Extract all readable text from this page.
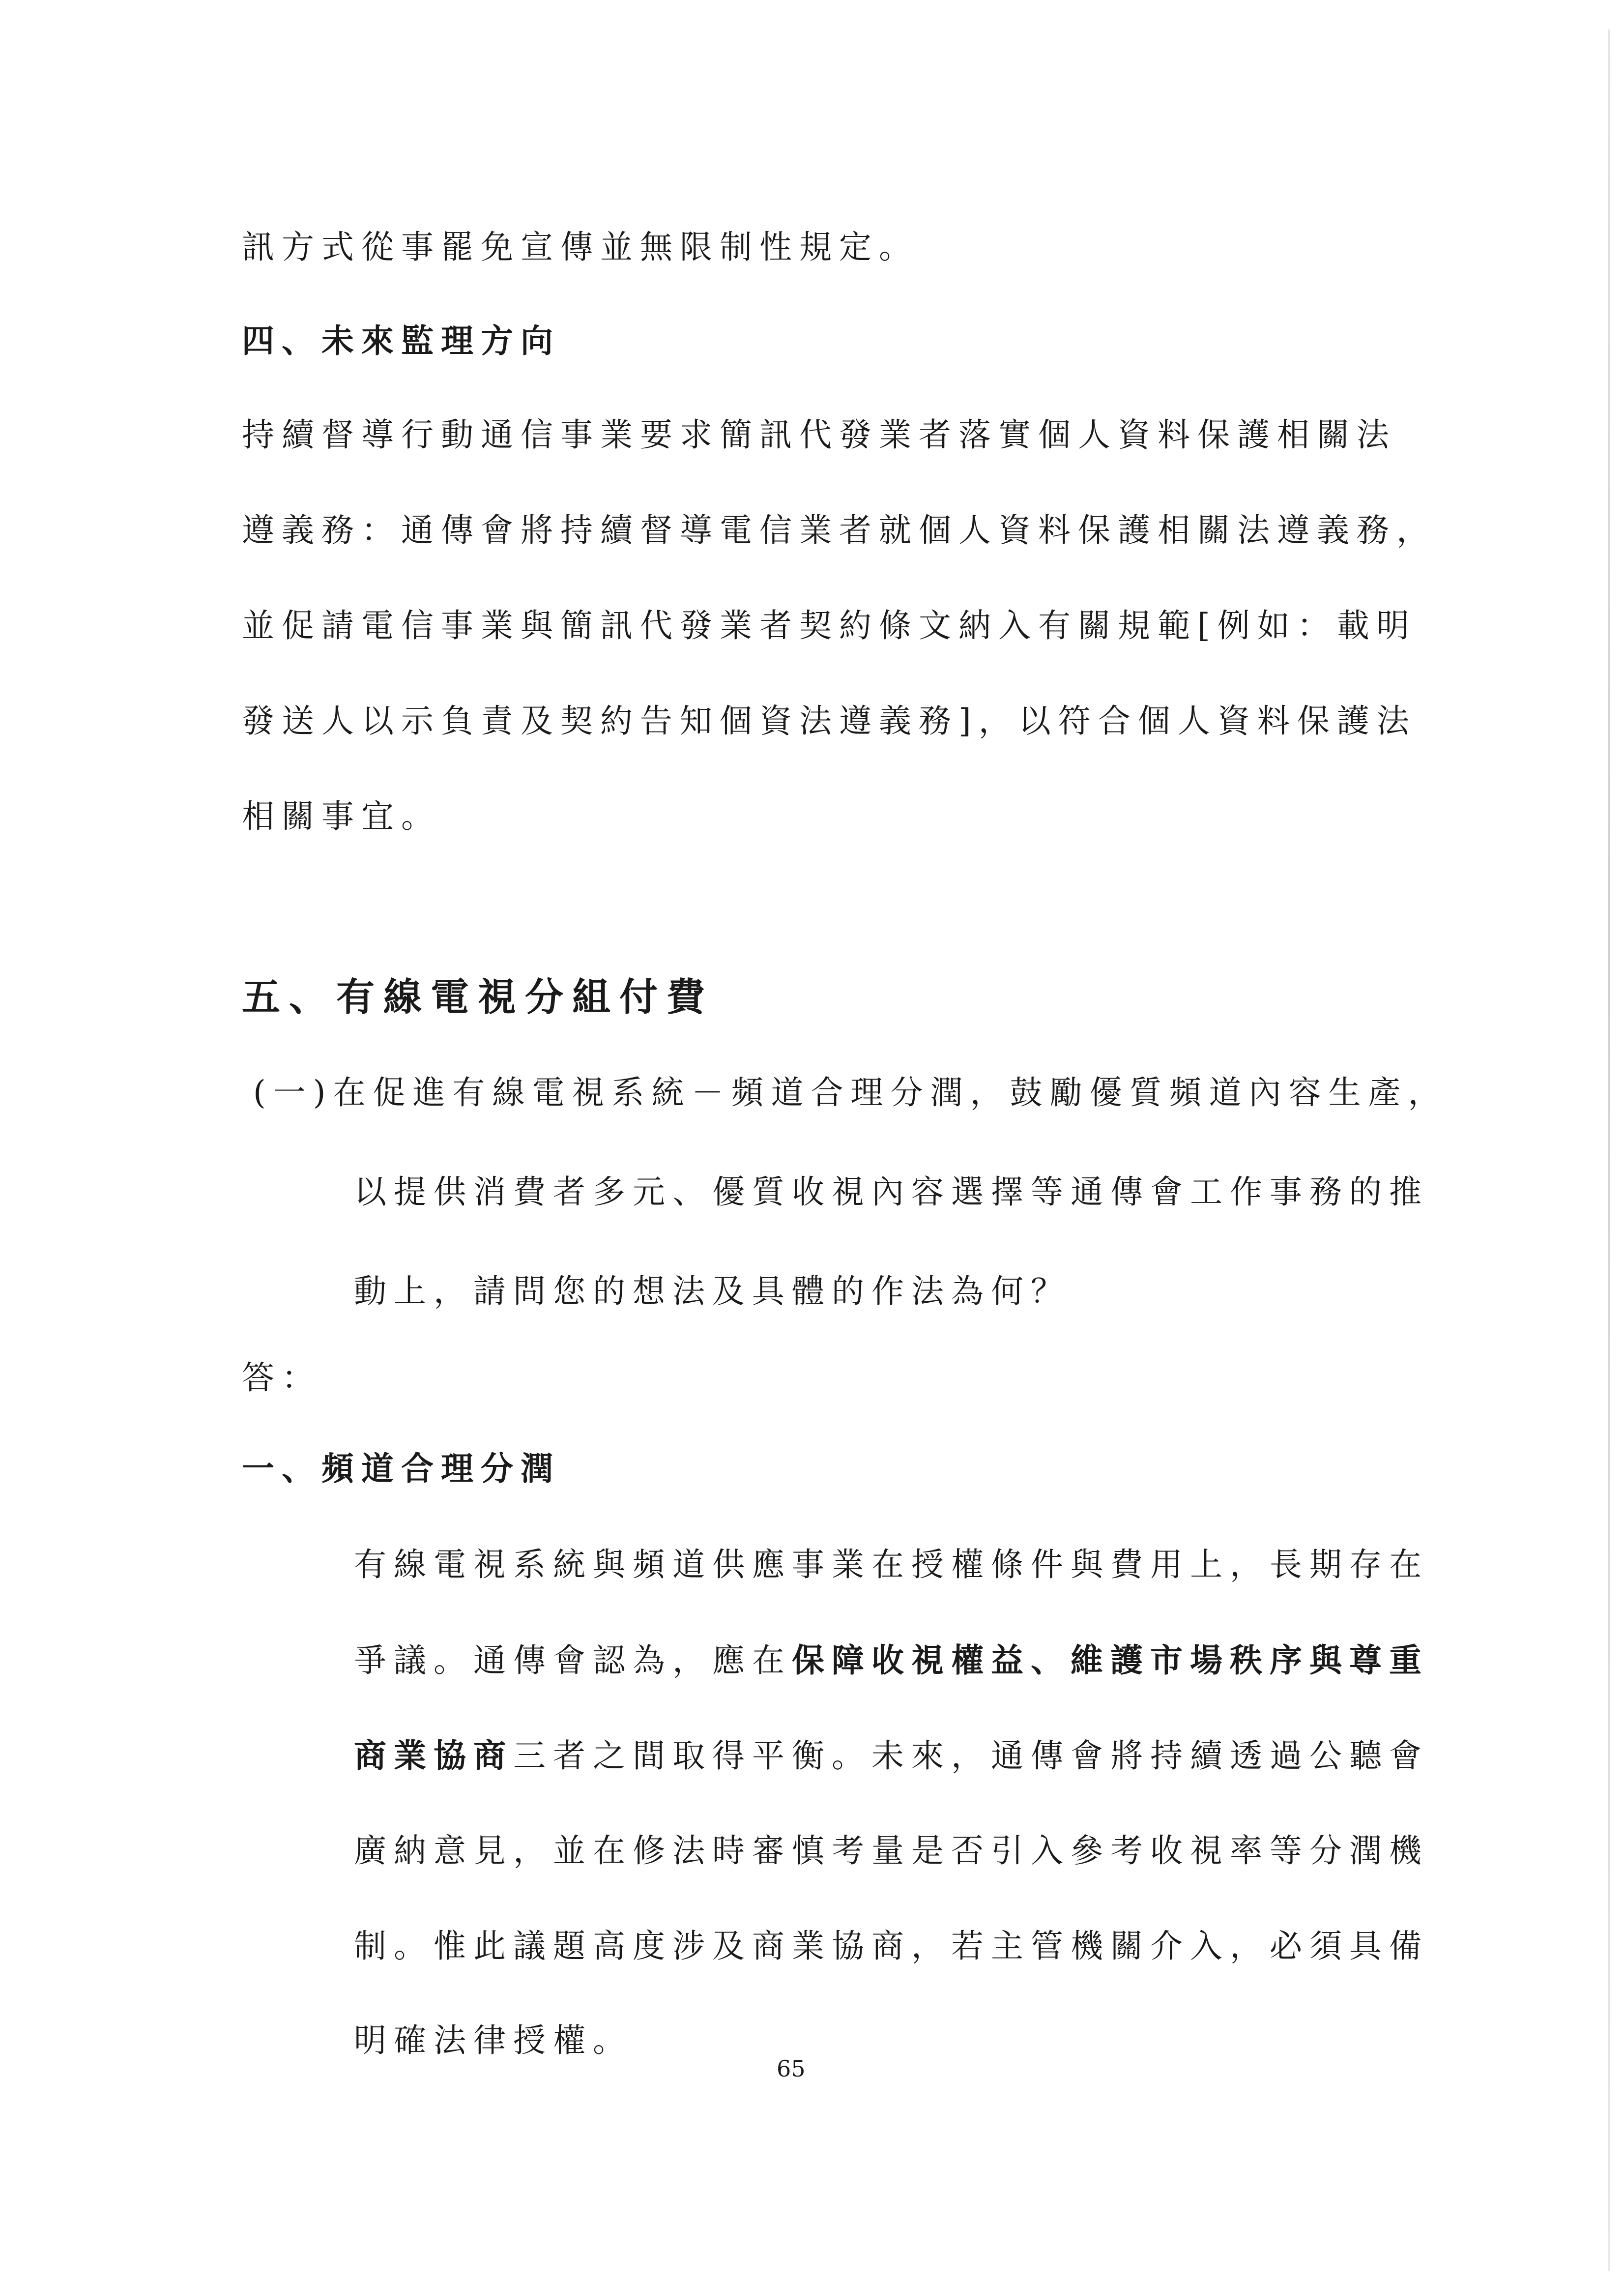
訊方式從事罷免宣傳並無限制性規定。
四、未來監理方向
持續督導行動通信事業要求簡訊代發業者落實個人資料保護相關法
遵義務：通傳會將持續督導電信業者就個人資料保護相關法遵義務，
並促請電信事業與簡訊代發業者契約條文納入有關規範[例如：載明
發送人以示負責及契約告知個資法遵義務]，以符合個人資料保護法
相關事宜。
五、有線電視分組付費
(一)在促進有線電視系統－頻道合理分潤，鼓勵優質頻道內容生產，
以提供消費者多元、優質收視內容選擇等通傳會工作事務的推
動上，請問您的想法及具體的作法為何？
答：
一、頻道合理分潤
有線電視系統與頻道供應事業在授權條件與費用上，長期存在
爭議。通傳會認為，應在保障收視權益、維護市場秩序與尊重
商業協商三者之間取得平衡。未來，通傳會將持續透過公聽會
廣納意見，並在修法時審慎考量是否引入參考收視率等分潤機
制。惟此議題高度涉及商業協商，若主管機關介入，必須具備
明確法律授權。
65
